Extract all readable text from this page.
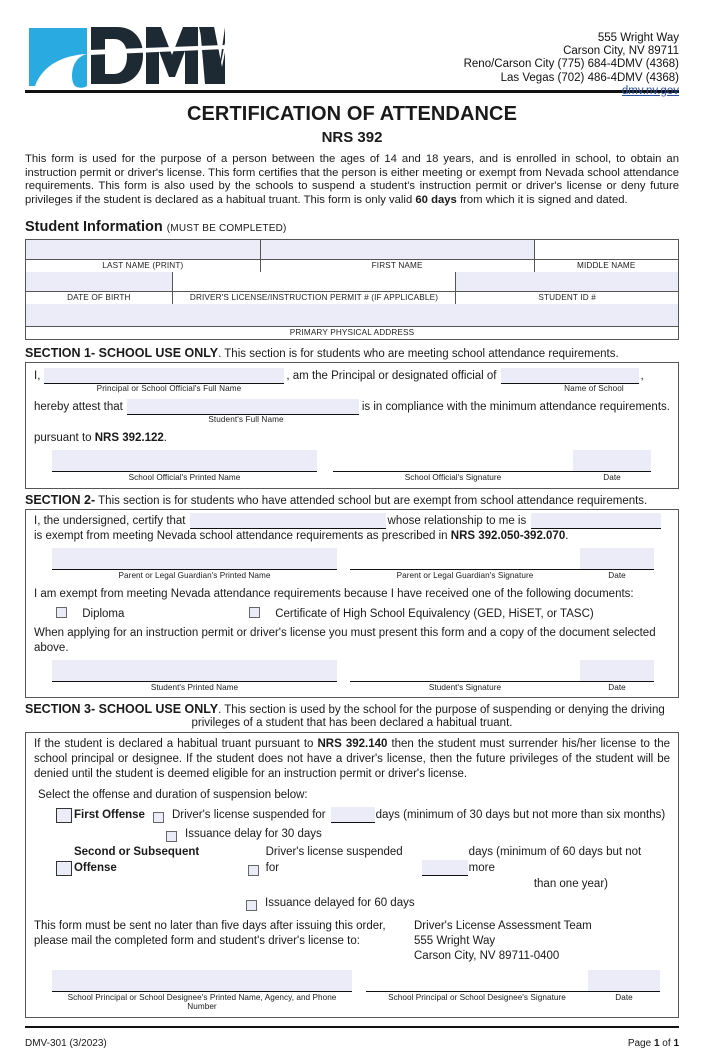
555 Wright Way
Carson City, NV 89711
Reno/Carson City (775) 684-4DMV (4368)
Las Vegas (702) 486-4DMV (4368)
dmv.nv.gov
CERTIFICATION OF ATTENDANCE
NRS 392

This form is used for the purpose of a person between the ages of 14 and 18 years, and is enrolled in school, to obtain an instruction permit or driver's license. This form certifies that the person is either meeting or exempt from Nevada school attendance requirements. This form is also used by the schools to suspend a student's instruction permit or driver's license or deny future privileges if the student is declared as a habitual truant. This form is only valid 60 days from which it is signed and dated.

Student Information (MUST BE COMPLETED)
LAST NAME (PRINT)	FIRST NAME	MIDDLE NAME
DATE OF BIRTH	DRIVER'S LICENSE/INSTRUCTION PERMIT # (IF APPLICABLE)	STUDENT ID #
PRIMARY PHYSICAL ADDRESS
SECTION 1- SCHOOL USE ONLY. This section is for students who are meeting school attendance requirements.
I,	, am the Principal or designated official of	,
Principal or School Official's Full Name	Name of School
hereby attest that	is in compliance with the minimum attendance requirements.
Student's Full Name
pursuant to NRS 392.122.
School Official's Printed Name	School Official's Signature	Date
SECTION 2- This section is for students who have attended school but are exempt from school attendance requirements.
I, the undersigned, certify that	whose relationship to me is
is exempt from meeting Nevada school attendance requirements as prescribed in NRS 392.050-392.070.
Parent or Legal Guardian's Printed Name	Parent or Legal Guardian's Signature	Date
I am exempt from meeting Nevada attendance requirements because I have received one of the following documents:
Diploma	Certificate of High School Equivalency (GED, HiSET, or TASC)
When applying for an instruction permit or driver's license you must present this form and a copy of the document selected above.
Student's Printed Name	Student's Signature	Date
SECTION 3- SCHOOL USE ONLY. This section is used by the school for the purpose of suspending or denying the driving
privileges of a student that has been declared a habitual truant.
If the student is declared a habitual truant pursuant to NRS 392.140 then the student must surrender his/her license to the school principal or designee. If the student does not have a driver's license, then the future privileges of the student will be denied until the student is deemed eligible for an instruction permit or driver's license.
Select the offense and duration of suspension below:
First Offense Driver's license suspended for	days (minimum of 30 days but not more than six months)
Issuance delay for 30 days
Second or Subsequent Offense
Driver's license suspended for
days (minimum of 60 days but not more
than one year)
Issuance delayed for 60 days
This form must be sent no later than five days after issuing this order,
please mail the completed form and student's driver's license to:
Driver's License Assessment Team
555 Wright Way
Carson City, NV 89711-0400
School Principal or School Designee's Printed Name, Agency, and Phone Number
School Principal or School Designee's Signature	Date
DMV-301 (3/2023)	Page 1 of 1
